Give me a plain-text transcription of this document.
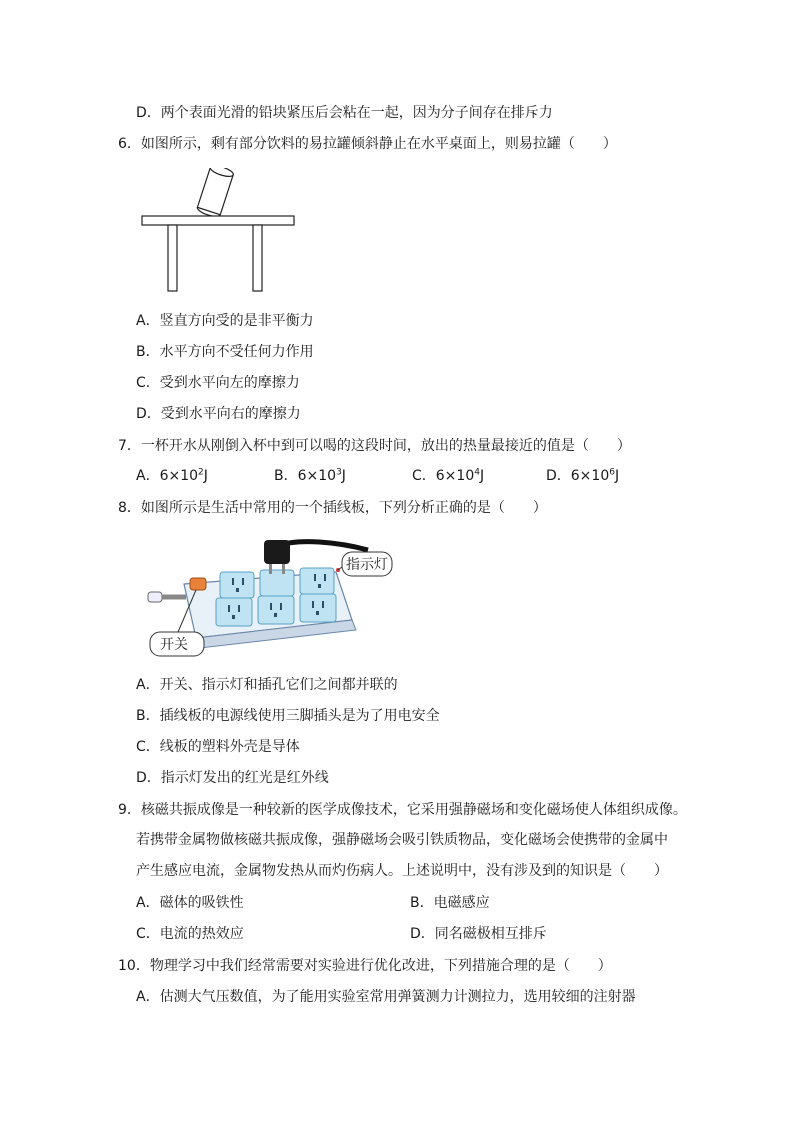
D．两个表面光滑的铅块紧压后会粘在一起，因为分子间存在排斥力
6．如图所示，剩有部分饮料的易拉罐倾斜静止在水平桌面上，则易拉罐（　　）
A．竖直方向受的是非平衡力
B．水平方向不受任何力作用
C．受到水平向左的摩擦力
D．受到水平向右的摩擦力
7．一杯开水从刚倒入杯中到可以喝的这段时间，放出的热量最接近的值是（　　）
A．$6\times 10^2J$	B．$6\times 10^3J$	C．$6\times 10^4J$	D．$6\times 10^6J$
8．如图所示是生活中常用的一个插线板，下列分析正确的是（　　）
指示灯
开关
A．开关、指示灯和插孔它们之间都并联的
B．插线板的电源线使用三脚插头是为了用电安全
C．线板的塑料外壳是导体
D．指示灯发出的红光是红外线
9．核磁共振成像是一种较新的医学成像技术，它采用强静磁场和变化磁场使人体组织成像。
若携带金属物做核磁共振成像，强静磁场会吸引铁质物品，变化磁场会使携带的金属中
产生感应电流，金属物发热从而灼伤病人。上述说明中，没有涉及到的知识是（　　）
A．磁体的吸铁性	B．电磁感应
C．电流的热效应	D．同名磁极相互排斥
10．物理学习中我们经常需要对实验进行优化改进，下列措施合理的是（　　）
A．估测大气压数值，为了能用实验室常用弹簧测力计测拉力，选用较细的注射器
